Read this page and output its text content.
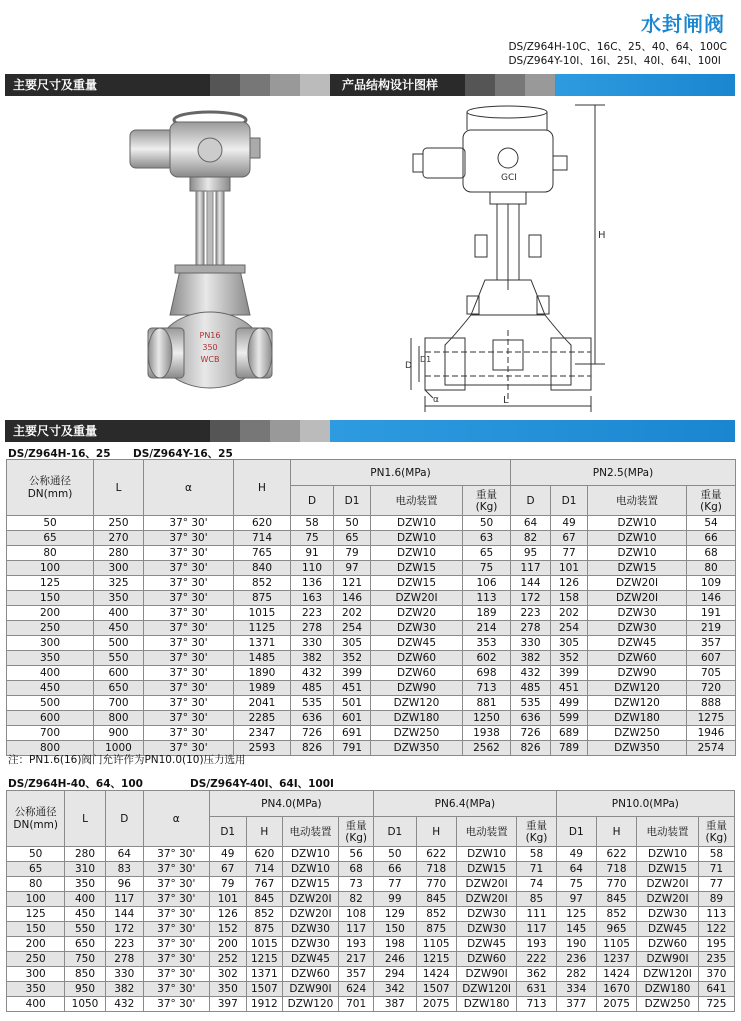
水封闸阀
DS/Z964H-10C、16C、25、40、64、100C
DS/Z964Y-10Ⅰ、16Ⅰ、25Ⅰ、40Ⅰ、64Ⅰ、100Ⅰ
主要尺寸及重量	产品结构设计图样
PN16
350
WCB
GCI
H
D
D1
L
α
主要尺寸及重量
DS/Z964H-16、25 DS/Z964Y-16、25
公称通径
DN(mm)	L	α	H	PN1.6(MPa)				PN2.5(MPa)			
				D	D1	电动装置	重量
(Kg)	D	D1	电动装置	重量
(Kg)
50	250	37° 30'	620	58	50	DZW10	50	64	49	DZW10	54
65	270	37° 30'	714	75	65	DZW10	63	82	67	DZW10	66
80	280	37° 30'	765	91	79	DZW10	65	95	77	DZW10	68
100	300	37° 30'	840	110	97	DZW15	75	117	101	DZW15	80
125	325	37° 30'	852	136	121	DZW15	106	144	126	DZW20I	109
150	350	37° 30'	875	163	146	DZW20I	113	172	158	DZW20I	146
200	400	37° 30'	1015	223	202	DZW20	189	223	202	DZW30	191
250	450	37° 30'	1125	278	254	DZW30	214	278	254	DZW30	219
300	500	37° 30'	1371	330	305	DZW45	353	330	305	DZW45	357
350	550	37° 30'	1485	382	352	DZW60	602	382	352	DZW60	607
400	600	37° 30'	1890	432	399	DZW60	698	432	399	DZW90	705
450	650	37° 30'	1989	485	451	DZW90	713	485	451	DZW120	720
500	700	37° 30'	2041	535	501	DZW120	881	535	499	DZW120	888
600	800	37° 30'	2285	636	601	DZW180	1250	636	599	DZW180	1275
700	900	37° 30'	2347	726	691	DZW250	1938	726	689	DZW250	1946
800	1000	37° 30'	2593	826	791	DZW350	2562	826	789	DZW350	2574
注：PN1.6(16)阀门允许作为PN10.0(10)压力选用
DS/Z964H-40、64、100	DS/Z964Y-40Ⅰ、64Ⅰ、100Ⅰ
公称通径
DN(mm)	L	D	α	PN4.0(MPa)				PN6.4(MPa)				PN10.0(MPa)			
				D1	H	电动装置	重量
(Kg)	D1	H	电动装置	重量
(Kg)	D1	H	电动装置	重量
(Kg)
50	280	64	37° 30'	49	620	DZW10	56	50	622	DZW10	58	49	622	DZW10	58
65	310	83	37° 30'	67	714	DZW10	68	66	718	DZW15	71	64	718	DZW15	71
80	350	96	37° 30'	79	767	DZW15	73	77	770	DZW20I	74	75	770	DZW20I	77
100	400	117	37° 30'	101	845	DZW20I	82	99	845	DZW20I	85	97	845	DZW20I	89
125	450	144	37° 30'	126	852	DZW20I	108	129	852	DZW30	111	125	852	DZW30	113
150	550	172	37° 30'	152	875	DZW30	117	150	875	DZW30	117	145	965	DZW45	122
200	650	223	37° 30'	200	1015	DZW30	193	198	1105	DZW45	193	190	1105	DZW60	195
250	750	278	37° 30'	252	1215	DZW45	217	246	1215	DZW60	222	236	1237	DZW90I	235
300	850	330	37° 30'	302	1371	DZW60	357	294	1424	DZW90I	362	282	1424	DZW120I	370
350	950	382	37° 30'	350	1507	DZW90I	624	342	1507	DZW120I	631	334	1670	DZW180	641
400	1050	432	37° 30'	397	1912	DZW120	701	387	2075	DZW180	713	377	2075	DZW250	725
